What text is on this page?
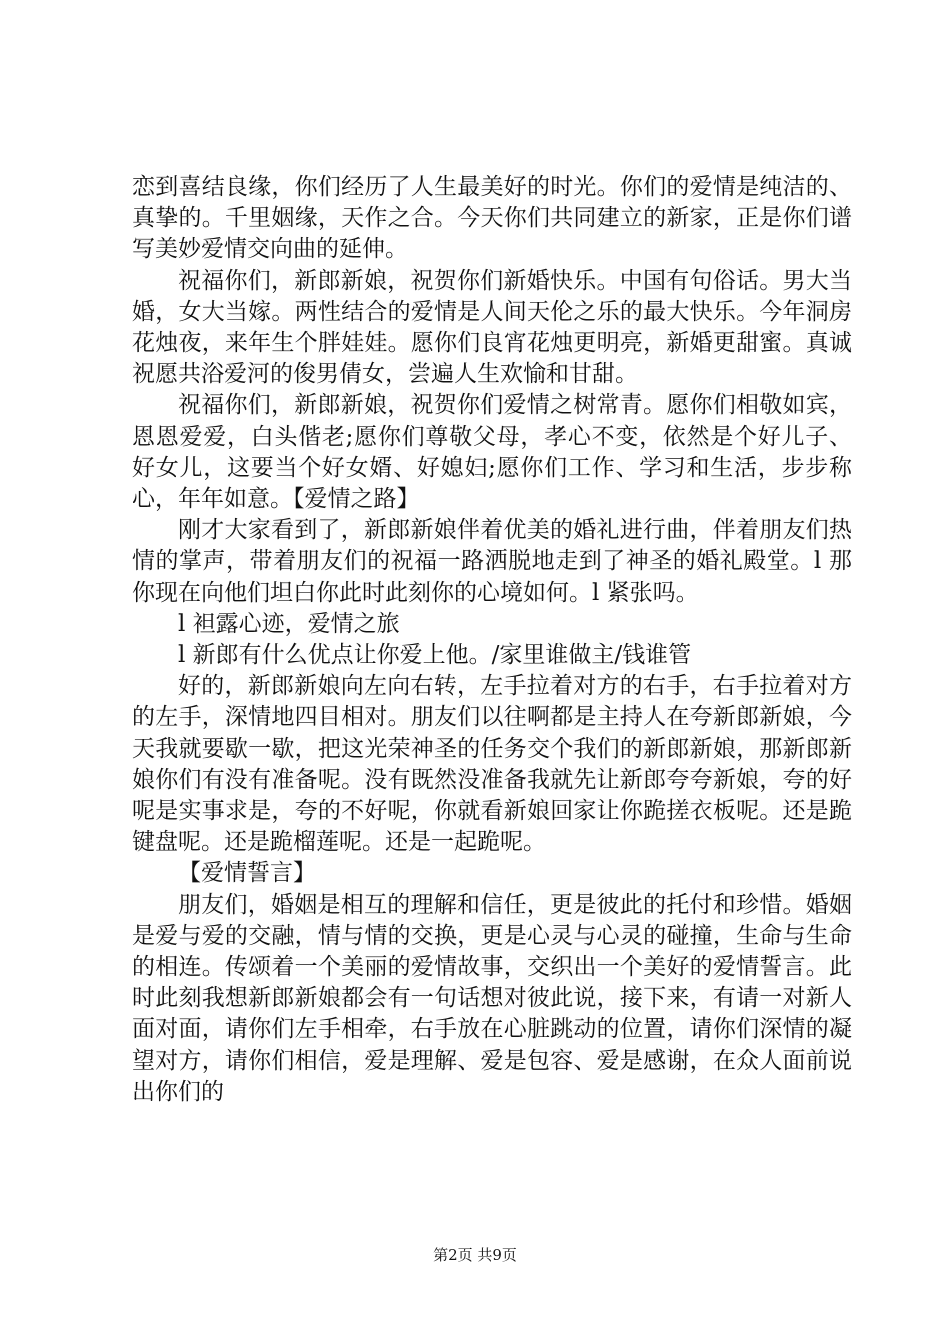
恋到喜结良缘，你们经历了人生最美好的时光。你们的爱情是纯洁的、真挚的。千里姻缘，天作之合。今天你们共同建立的新家，正是你们谱写美妙爱情交向曲的延伸。

祝福你们，新郎新娘，祝贺你们新婚快乐。中国有句俗话。男大当婚，女大当嫁。两性结合的爱情是人间天伦之乐的最大快乐。今年洞房花烛夜，来年生个胖娃娃。愿你们良宵花烛更明亮，新婚更甜蜜。真诚祝愿共浴爱河的俊男倩女，尝遍人生欢愉和甘甜。

祝福你们，新郎新娘，祝贺你们爱情之树常青。愿你们相敬如宾，恩恩爱爱，白头偕老;愿你们尊敬父母，孝心不变，依然是个好儿子、好女儿，这要当个好女婿、好媳妇;愿你们工作、学习和生活，步步称心，年年如意。【爱情之路】

刚才大家看到了，新郎新娘伴着优美的婚礼进行曲，伴着朋友们热情的掌声，带着朋友们的祝福一路洒脱地走到了神圣的婚礼殿堂。l 那你现在向他们坦白你此时此刻你的心境如何。l 紧张吗。

l 袒露心迹，爱情之旅

l 新郎有什么优点让你爱上他。/家里谁做主/钱谁管

好的，新郎新娘向左向右转，左手拉着对方的右手，右手拉着对方的左手，深情地四目相对。朋友们以往啊都是主持人在夸新郎新娘，今天我就要歇一歇，把这光荣神圣的任务交个我们的新郎新娘，那新郎新娘你们有没有准备呢。没有既然没准备我就先让新郎夸夸新娘，夸的好呢是实事求是，夸的不好呢，你就看新娘回家让你跪搓衣板呢。还是跪键盘呢。还是跪榴莲呢。还是一起跪呢。

【爱情誓言】

朋友们，婚姻是相互的理解和信任，更是彼此的托付和珍惜。婚姻是爱与爱的交融，情与情的交换，更是心灵与心灵的碰撞，生命与生命的相连。传颂着一个美丽的爱情故事，交织出一个美好的爱情誓言。此时此刻我想新郎新娘都会有一句话想对彼此说，接下来，有请一对新人面对面，请你们左手相牵，右手放在心脏跳动的位置，请你们深情的凝望对方，请你们相信，爱是理解、爱是包容、爱是感谢，在众人面前说出你们的

第2页 共9页
